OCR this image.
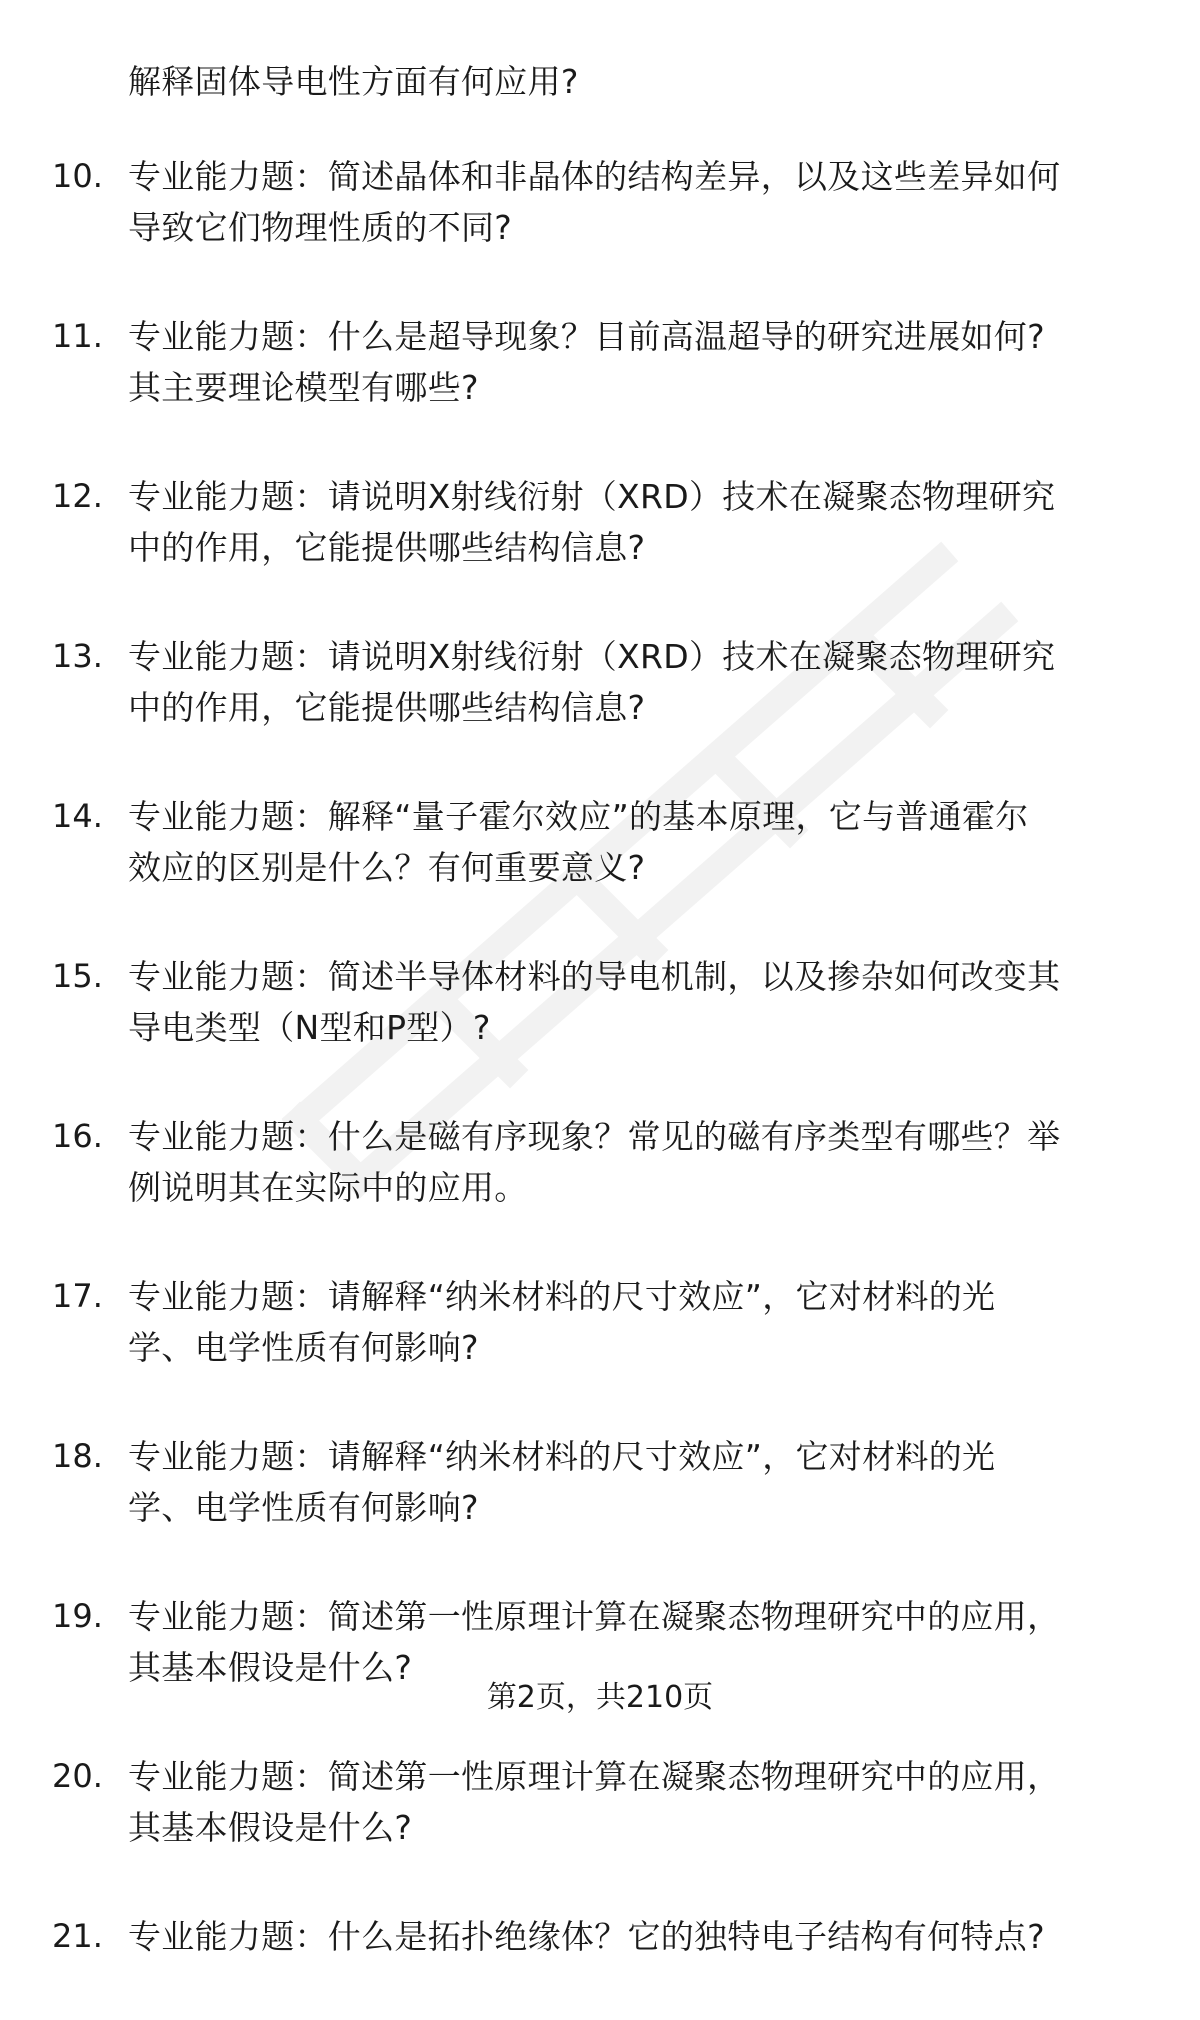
解释固体导电性方面有何应用?
10. 专业能力题：简述晶体和非晶体的结构差异，以及这些差异如何
导致它们物理性质的不同?
11. 专业能力题：什么是超导现象？目前高温超导的研究进展如何?
其主要理论模型有哪些?
12. 专业能力题：请说明X射线衍射（XRD）技术在凝聚态物理研究
中的作用，它能提供哪些结构信息?
13. 专业能力题：请说明X射线衍射（XRD）技术在凝聚态物理研究
中的作用，它能提供哪些结构信息?
14. 专业能力题：解释“量子霍尔效应”的基本原理，它与普通霍尔
效应的区别是什么？有何重要意义?
15. 专业能力题：简述半导体材料的导电机制，以及掺杂如何改变其
导电类型（N型和P型）?
16. 专业能力题：什么是磁有序现象？常见的磁有序类型有哪些？举
例说明其在实际中的应用。
17. 专业能力题：请解释“纳米材料的尺寸效应”，它对材料的光
学、电学性质有何影响?
18. 专业能力题：请解释“纳米材料的尺寸效应”，它对材料的光
学、电学性质有何影响?
19. 专业能力题：简述第一性原理计算在凝聚态物理研究中的应用，
其基本假设是什么?
20. 专业能力题：简述第一性原理计算在凝聚态物理研究中的应用，
其基本假设是什么?
21. 专业能力题：什么是拓扑绝缘体？它的独特电子结构有何特点?
第2页，共210页
